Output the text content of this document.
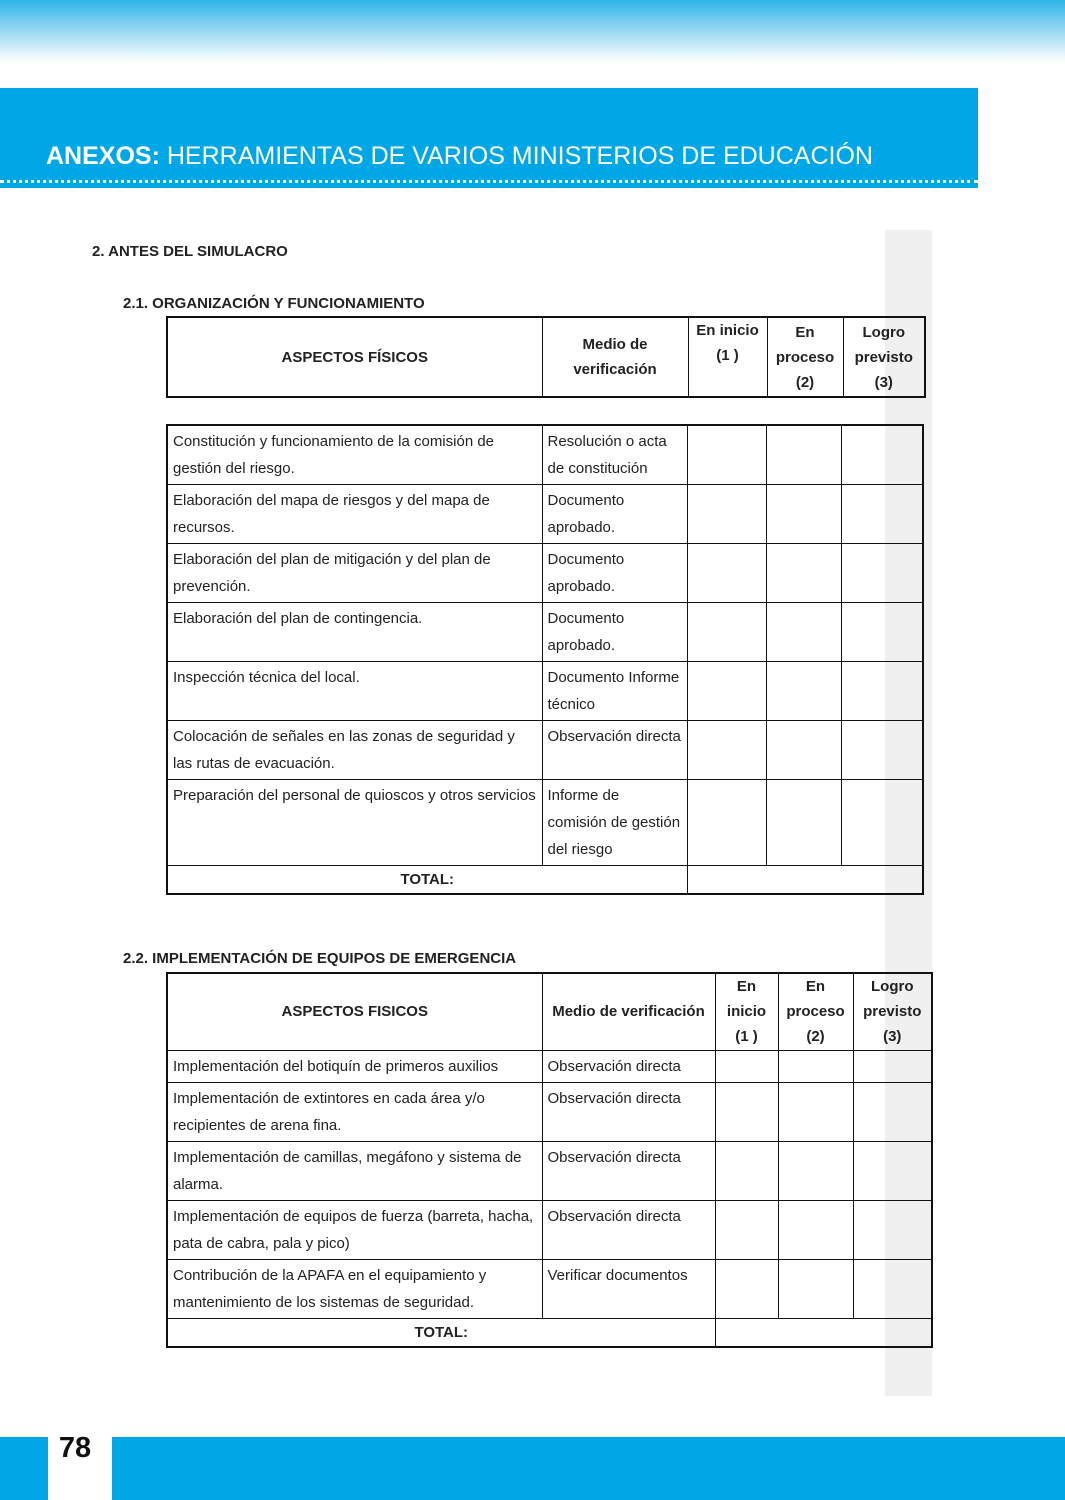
ANEXOS: HERRAMIENTAS DE VARIOS MINISTERIOS DE EDUCACIÓN
2. ANTES DEL SIMULACRO
2.1. ORGANIZACIÓN Y FUNCIONAMIENTO
ASPECTOS FÍSICOS	Medio de verificación	En inicio (1 )	En proceso (2)	Logro previsto (3)
Constitución y funcionamiento de la comisión de gestión del riesgo.	Resolución o acta de constitución			
Elaboración del mapa de riesgos y del mapa de recursos.	Documento aprobado.			
Elaboración del plan de mitigación y del plan de prevención.	Documento aprobado.			
Elaboración del plan de contingencia.	Documento aprobado.			
Inspección técnica del local.	Documento Informe técnico			
Colocación de señales en las zonas de seguridad y las rutas de evacuación.	Observación directa			
Preparación del personal de quioscos y otros servicios	Informe de comisión de gestión del riesgo			
TOTAL:				
2.2. IMPLEMENTACIÓN DE EQUIPOS DE EMERGENCIA
ASPECTOS FISICOS	Medio de verificación	En inicio (1 )	En proceso (2)	Logro previsto (3)
Implementación del botiquín de primeros auxilios	Observación directa			
Implementación de extintores en cada área y/o recipientes de arena fina.	Observación directa			
Implementación de camillas, megáfono y sistema de alarma.	Observación directa			
Implementación de equipos de fuerza (barreta, hacha, pata de cabra, pala y pico)	Observación directa			
Contribución de la APAFA en el equipamiento y mantenimiento de los sistemas de seguridad.	Verificar documentos			
TOTAL:				
78
